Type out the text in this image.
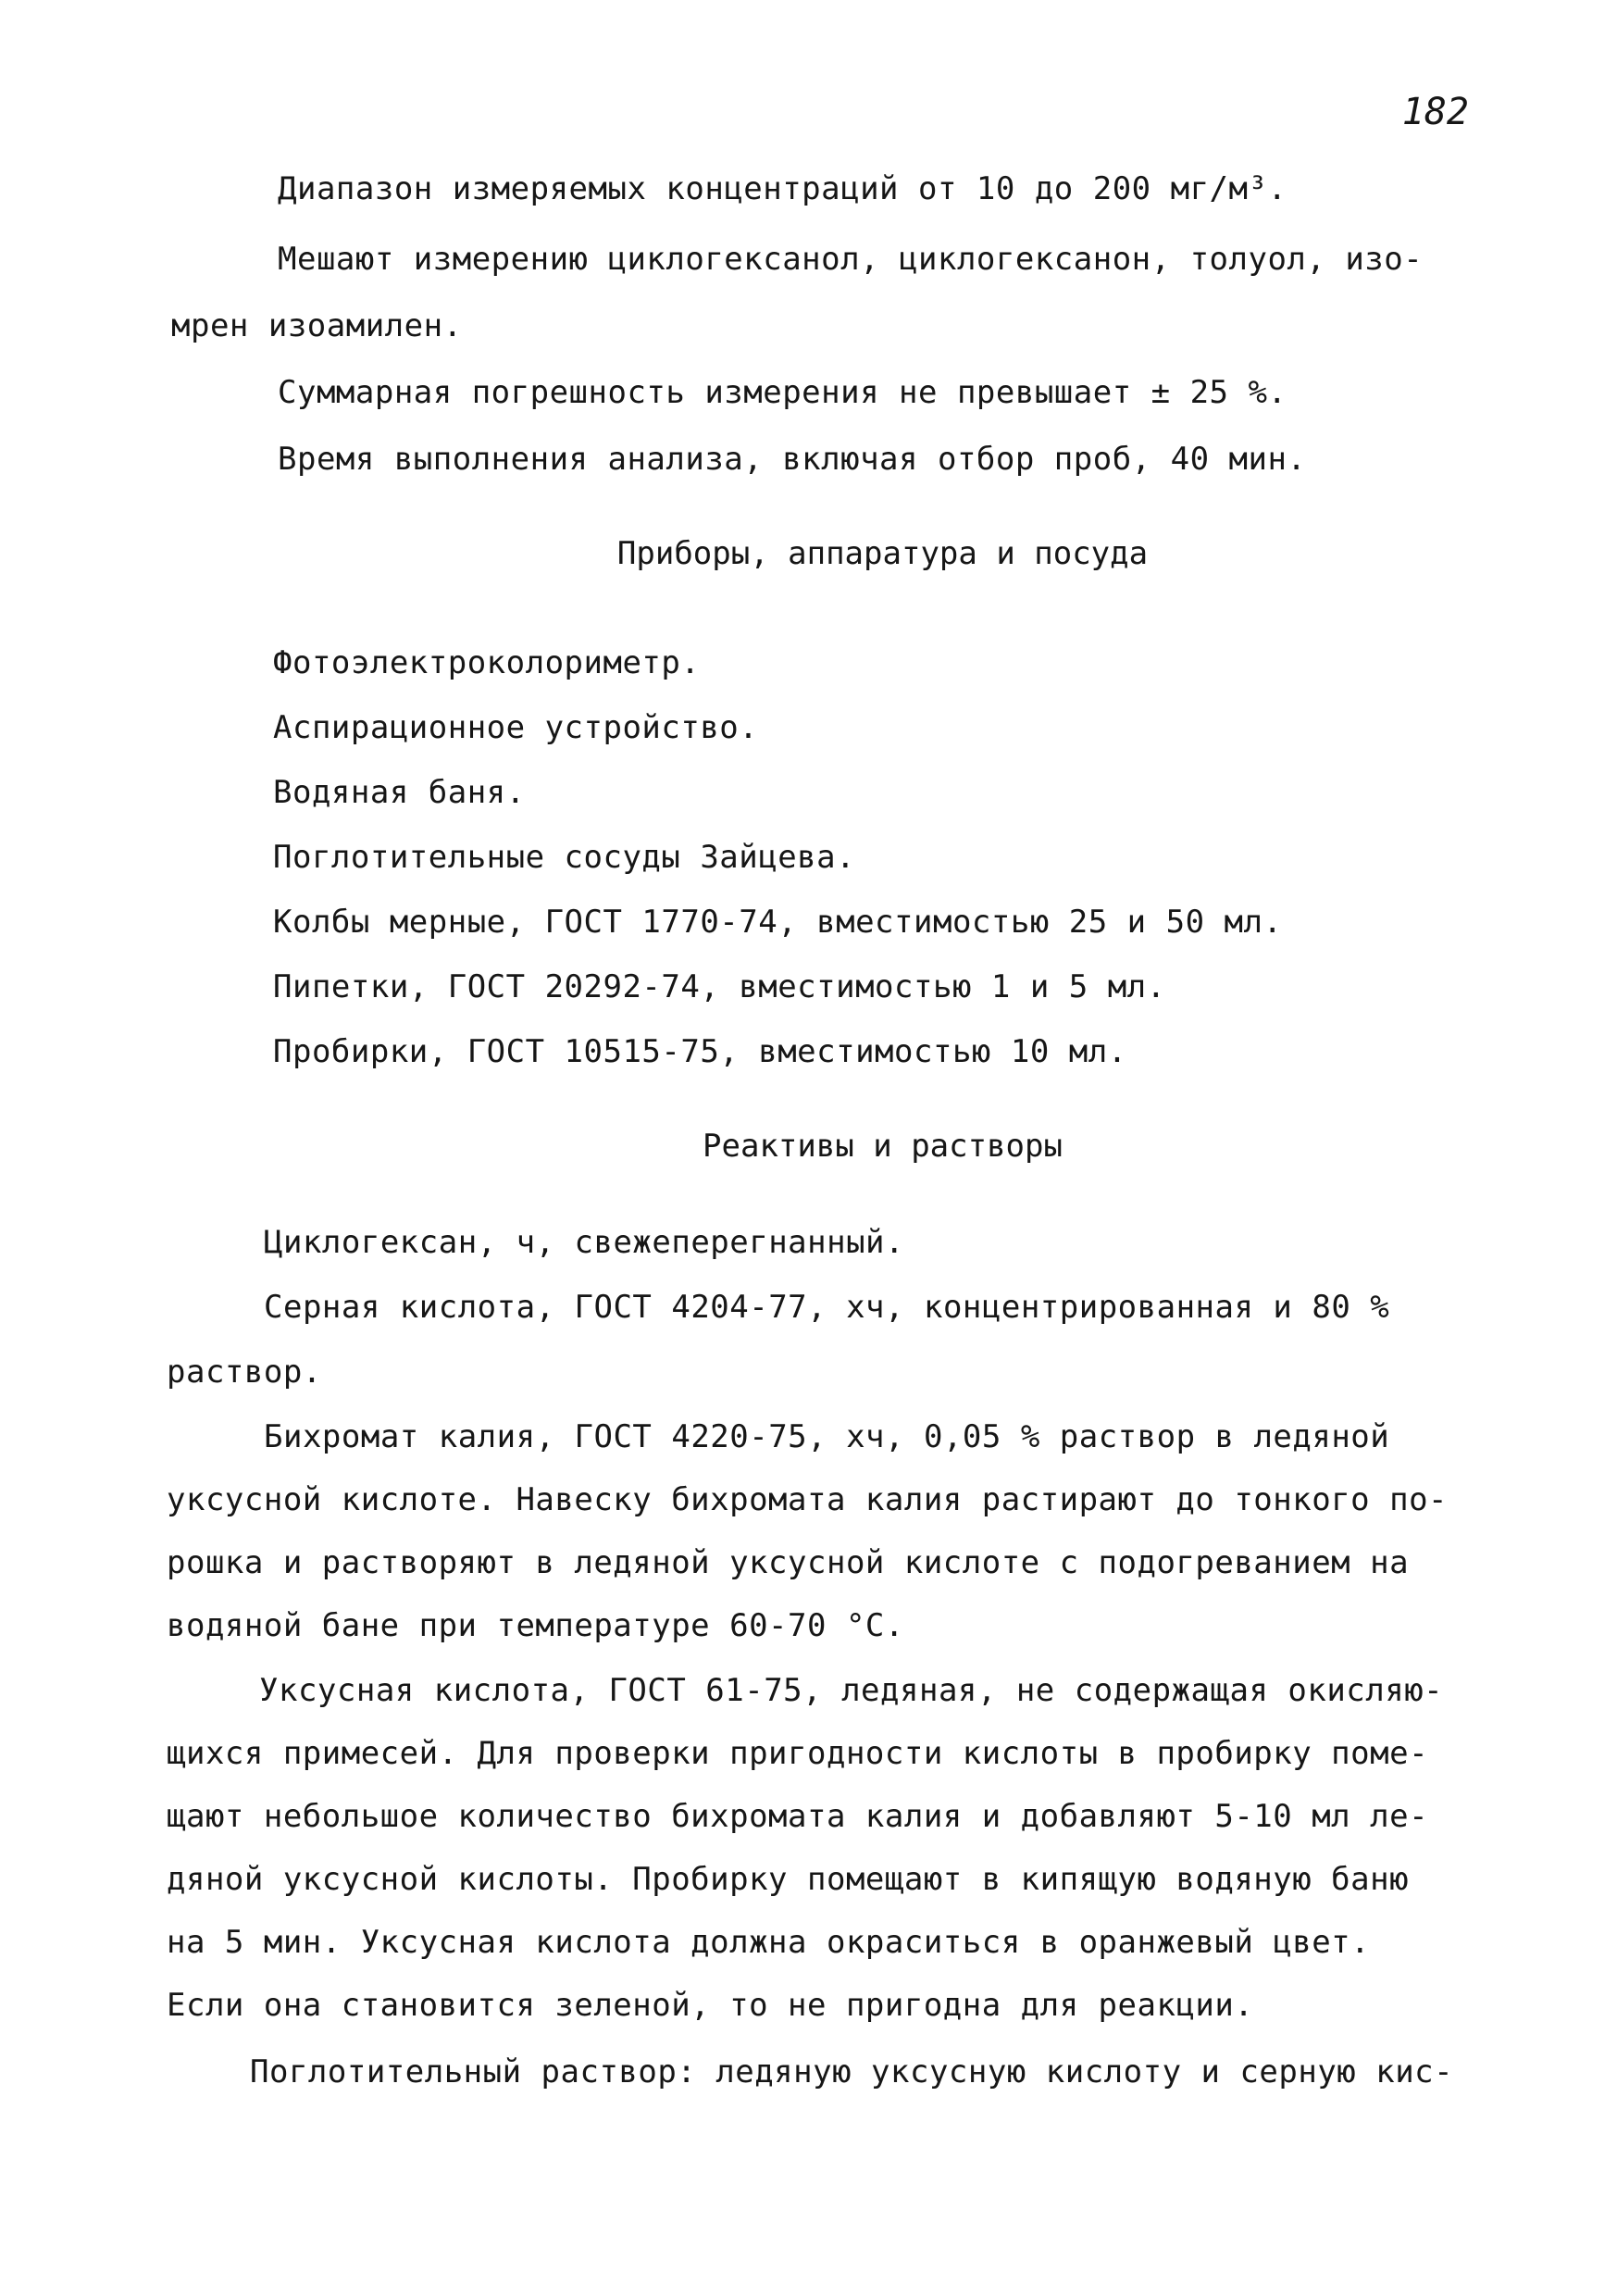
182
Диапазон измеряемых концентраций от 10 до 200 мг/м³.
Мешают измерению циклогексанол, циклогексанон, толуол, изо-
мрен изоамилен.
Суммарная погрешность измерения не превышает ± 25 %.
Время выполнения анализа, включая отбор проб, 40 мин.
Приборы, аппаратура и посуда
Фотоэлектроколориметр.
Аспирационное устройство.
Водяная баня.
Поглотительные сосуды Зайцева.
Колбы мерные, ГОСТ 1770-74, вместимостью 25 и 50 мл.
Пипетки, ГОСТ 20292-74, вместимостью 1 и 5 мл.
Пробирки, ГОСТ 10515-75, вместимостью 10 мл.
Реактивы и растворы
Циклогексан, ч, свежеперегнанный.
Серная кислота, ГОСТ 4204-77, хч, концентрированная и 80 %
раствор.
Бихромат калия, ГОСТ 4220-75, хч, 0,05 % раствор в ледяной
уксусной кислоте. Навеску бихромата калия растирают до тонкого по-
рошка и растворяют в ледяной уксусной кислоте с подогреванием на
водяной бане при температуре 60-70 °С.
Уксусная кислота, ГОСТ 61-75, ледяная, не содержащая окисляю-
щихся примесей. Для проверки пригодности кислоты в пробирку поме-
щают небольшое количество бихромата калия и добавляют 5-10 мл ле-
дяной уксусной кислоты. Пробирку помещают в кипящую водяную баню
на 5 мин. Уксусная кислота должна окраситься в оранжевый цвет.
Если она становится зеленой, то не пригодна для реакции.
Поглотительный раствор: ледяную уксусную кислоту и серную кис-
